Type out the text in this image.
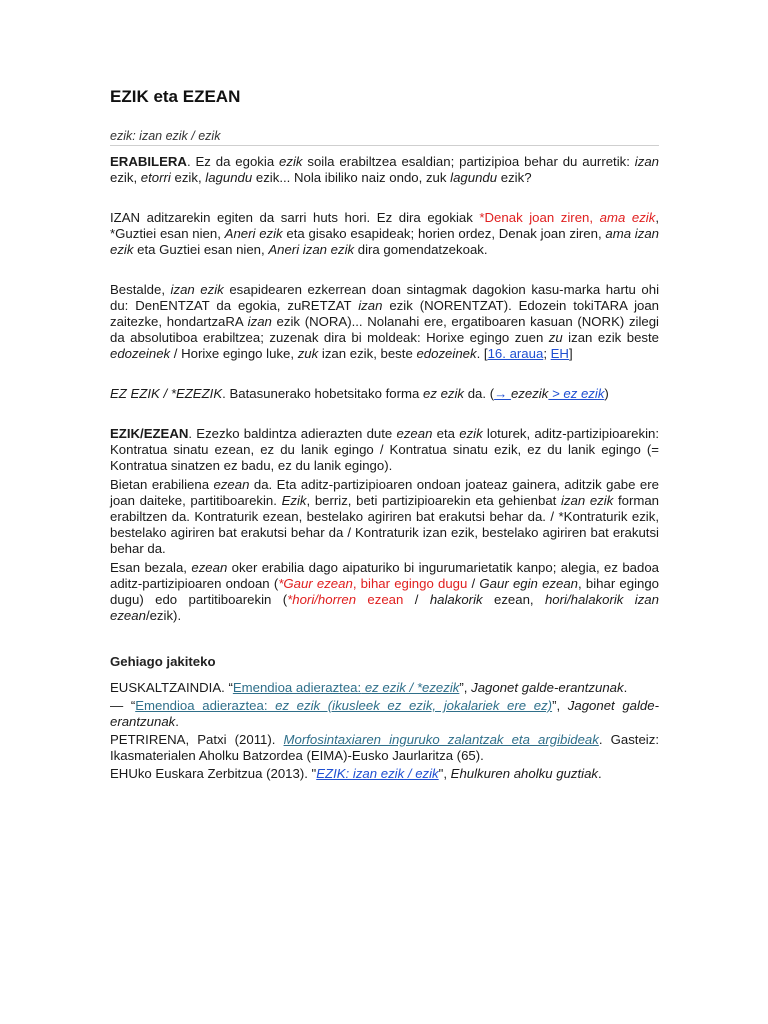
EZIK eta EZEAN
ezik: izan ezik / ezik

ERABILERA. Ez da egokia ezik soila erabiltzea esaldian; partizipioa behar du aurretik: izan ezik, etorri ezik, lagundu ezik... Nola ibiliko naiz ondo, zuk lagundu ezik?

IZAN aditzarekin egiten da sarri huts hori. Ez dira egokiak *Denak joan ziren, ama ezik, *Guztiei esan nien, Aneri ezik eta gisako esapideak; horien ordez, Denak joan ziren, ama izan ezik eta Guztiei esan nien, Aneri izan ezik dira gomendatzekoak.

Bestalde, izan ezik esapidearen ezkerrean doan sintagmak dagokion kasu-marka hartu ohi du: DenENTZAT da egokia, zuRETZAT izan ezik (NORENTZAT). Edozein tokiTARA joan zaitezke, hondartzaRA izan ezik (NORA)... Nolanahi ere, ergatiboaren kasuan (NORK) zilegi da absolutiboa erabiltzea; zuzenak dira bi moldeak: Horixe egingo zuen zu izan ezik beste edozeinek / Horixe egingo luke, zuk izan ezik, beste edozeinek. [16. araua; EH]

EZ EZIK / *EZEZIK. Batasunerako hobetsitako forma ez ezik da. (→ ezezik > ez ezik)

EZIK/EZEAN. Ezezko baldintza adierazten dute ezean eta ezik loturek, aditz-partizipioarekin: Kontratua sinatu ezean, ez du lanik egingo / Kontratua sinatu ezik, ez du lanik egingo (= Kontratua sinatzen ez badu, ez du lanik egingo).

Bietan erabiliena ezean da. Eta aditz-partizipioaren ondoan joateaz gainera, aditzik gabe ere joan daiteke, partitiboarekin. Ezik, berriz, beti partizipioarekin eta gehienbat izan ezik forman erabiltzen da. Kontraturik ezean, bestelako agiriren bat erakutsi behar da. / *Kontraturik ezik, bestelako agiriren bat erakutsi behar da / Kontraturik izan ezik, bestelako agiriren bat erakutsi behar da.

Esan bezala, ezean oker erabilia dago aipaturiko bi ingurumarietatik kanpo; alegia, ez badoa aditz-partizipioaren ondoan (*Gaur ezean, bihar egingo dugu / Gaur egin ezean, bihar egingo dugu) edo partitiboarekin (*hori/horren ezean / halakorik ezean, hori/halakorik izan ezean/ezik).

Gehiago jakiteko

EUSKALTZAINDIA. “Emendioa adieraztea: ez ezik / *ezezik”, Jagonet galde-erantzunak.

— “Emendioa adieraztea: ez ezik (ikusleek ez ezik, jokalariek ere ez)”, Jagonet galde-erantzunak.

PETRIRENA, Patxi (2011). Morfosintaxiaren inguruko zalantzak eta argibideak. Gasteiz: Ikasmaterialen Aholku Batzordea (EIMA)-Eusko Jaurlaritza (65).

EHUko Euskara Zerbitzua (2013). "EZIK: izan ezik / ezik", Ehulkuren aholku guztiak.
